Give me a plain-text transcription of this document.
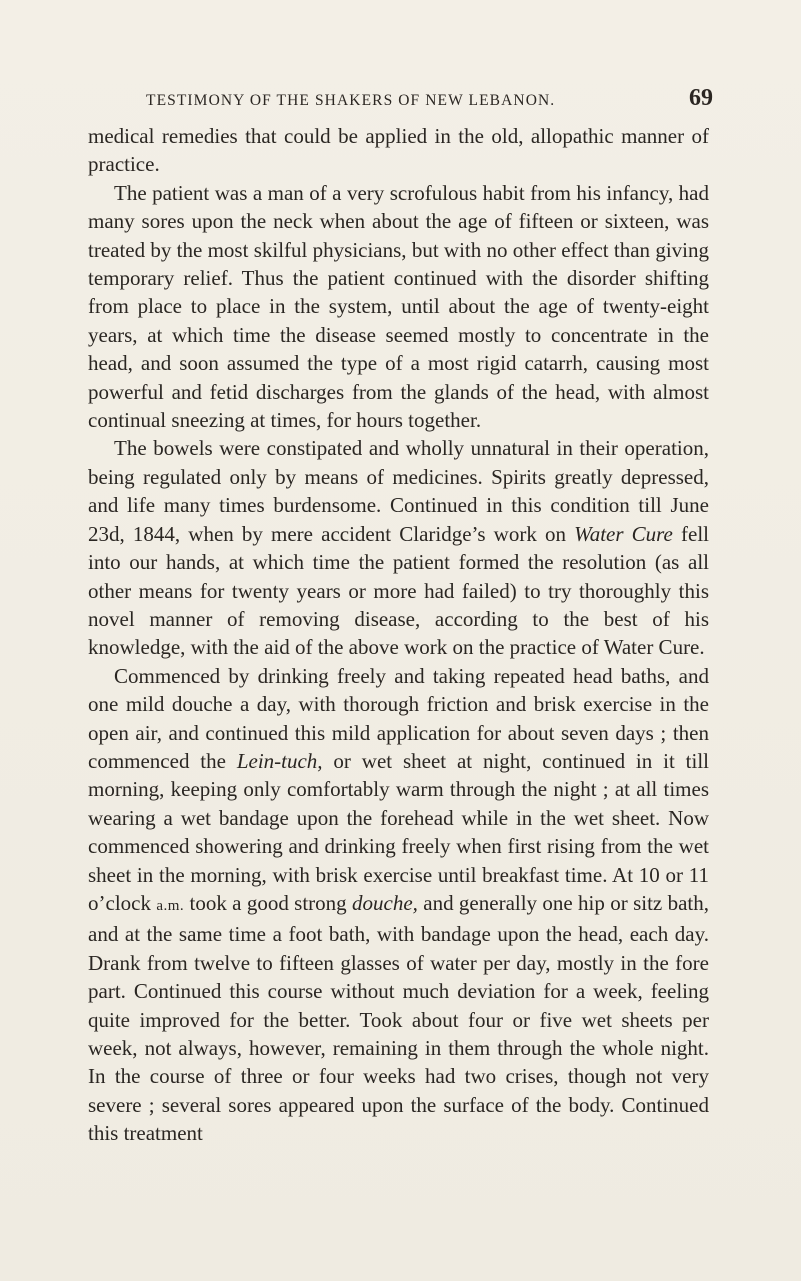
TESTIMONY OF THE SHAKERS OF NEW LEBANON.	69

medical remedies that could be applied in the old, allopathic manner of practice.

The patient was a man of a very scrofulous habit from his infancy, had many sores upon the neck when about the age of fifteen or sixteen, was treated by the most skilful physicians, but with no other effect than giving temporary relief. Thus the patient continued with the disorder shifting from place to place in the system, until about the age of twenty-eight years, at which time the disease seemed mostly to concentrate in the head, and soon assumed the type of a most rigid catarrh, causing most powerful and fetid discharges from the glands of the head, with almost continual sneezing at times, for hours together.

The bowels were constipated and wholly unnatural in their operation, being regulated only by means of medicines. Spirits greatly depressed, and life many times burdensome. Continued in this condition till June 23d, 1844, when by mere accident Claridge’s work on Water Cure fell into our hands, at which time the patient formed the resolution (as all other means for twenty years or more had failed) to try thoroughly this novel manner of removing disease, according to the best of his knowledge, with the aid of the above work on the practice of Water Cure.

Commenced by drinking freely and taking repeated head baths, and one mild douche a day, with thorough friction and brisk exercise in the open air, and continued this mild application for about seven days ; then commenced the Lein-tuch, or wet sheet at night, continued in it till morning, keeping only comfortably warm through the night ; at all times wearing a wet bandage upon the forehead while in the wet sheet. Now commenced showering and drinking freely when first rising from the wet sheet in the morning, with brisk exercise until breakfast time. At 10 or 11 o’clock a.m. took a good strong douche, and generally one hip or sitz bath, and at the same time a foot bath, with bandage upon the head, each day. Drank from twelve to fifteen glasses of water per day, mostly in the fore part. Continued this course without much deviation for a week, feeling quite improved for the better. Took about four or five wet sheets per week, not always, however, remaining in them through the whole night. In the course of three or four weeks had two crises, though not very severe ; several sores appeared upon the surface of the body. Continued this treatment
